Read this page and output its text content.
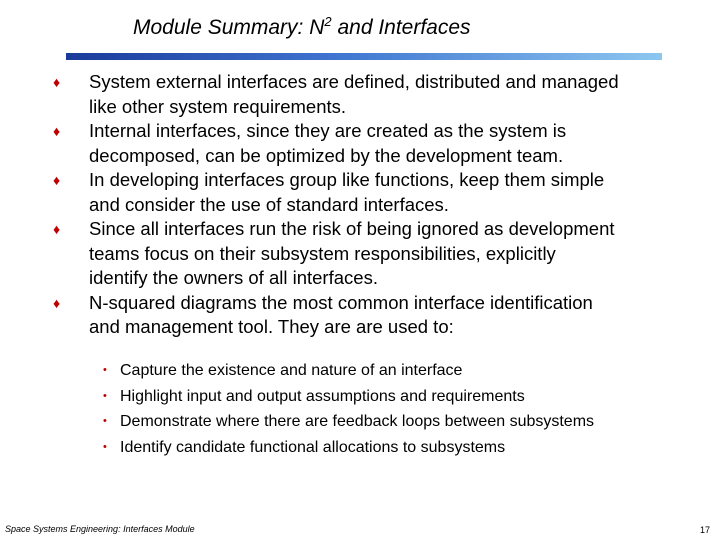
Module Summary: $N^2$ and Interfaces
♦	System external interfaces are defined, distributed and managed
like other system requirements.
♦	Internal interfaces, since they are created as the system is
decomposed, can be optimized by the development team.
♦	In developing interfaces group like functions, keep them simple
and consider the use of standard interfaces.
♦	Since all interfaces run the risk of being ignored as development
teams focus on their subsystem responsibilities, explicitly
identify the owners of all interfaces.
♦	N-squared diagrams the most common interface identification
and management tool. They are are used to:
• Capture the existence and nature of an interface
• Highlight input and output assumptions and requirements
• Demonstrate where there are feedback loops between subsystems
• Identify candidate functional allocations to subsystems
Space Systems Engineering: Interfaces Module	17
